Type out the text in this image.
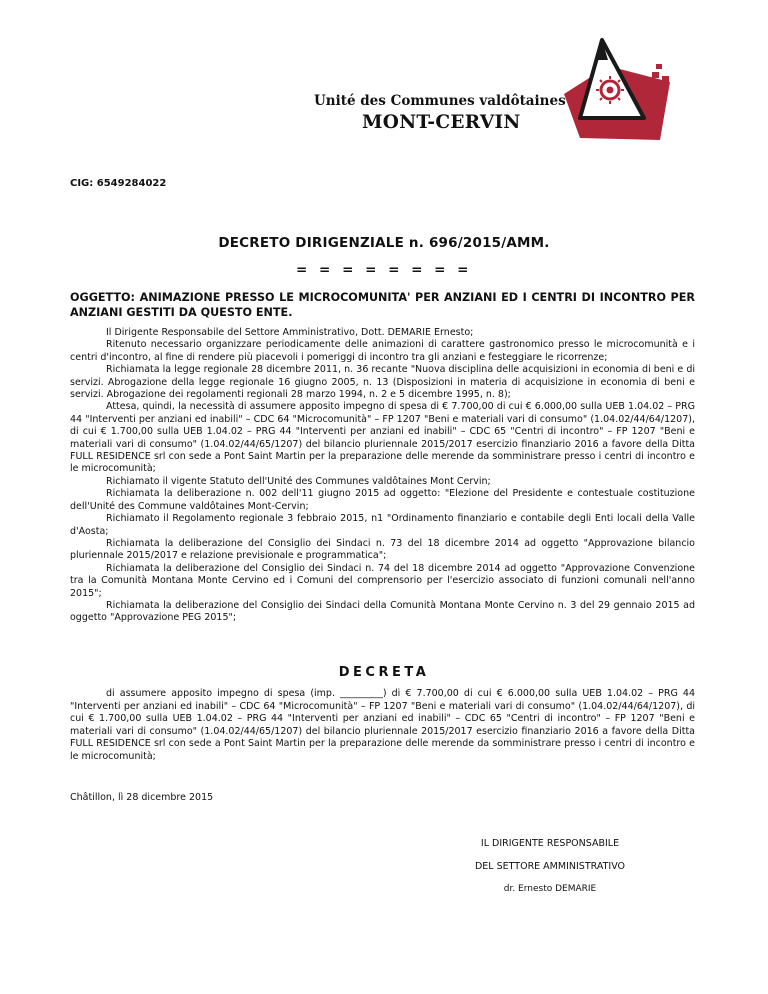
Unité des Communes valdôtaines
MONT-CERVIN
CIG: 6549284022
DECRETO DIRIGENZIALE n. 696/2015/AMM.
= = = = = = = =
OGGETTO: ANIMAZIONE PRESSO LE MICROCOMUNITA' PER ANZIANI ED I CENTRI DI INCONTRO PER ANZIANI GESTITI DA QUESTO ENTE.

Il Dirigente Responsabile del Settore Amministrativo, Dott. DEMARIE Ernesto;

Ritenuto necessario organizzare periodicamente delle animazioni di carattere gastronomico presso le microcomunità e i centri d'incontro, al fine di rendere più piacevoli i pomeriggi di incontro tra gli anziani e festeggiare le ricorrenze;

Richiamata la legge regionale 28 dicembre 2011, n. 36 recante "Nuova disciplina delle acquisizioni in economia di beni e di servizi. Abrogazione della legge regionale 16 giugno 2005, n. 13 (Disposizioni in materia di acquisizione in economia di beni e servizi. Abrogazione dei regolamenti regionali 28 marzo 1994, n. 2 e 5 dicembre 1995, n. 8);

Attesa, quindi, la necessità di assumere apposito impegno di spesa di € 7.700,00 di cui € 6.000,00 sulla UEB 1.04.02 – PRG 44 "Interventi per anziani ed inabili" – CDC 64 "Microcomunità" – FP 1207 "Beni e materiali vari di consumo" (1.04.02/44/64/1207), di cui € 1.700,00 sulla UEB 1.04.02 – PRG 44 "Interventi per anziani ed inabili" – CDC 65 "Centri di incontro" – FP 1207 "Beni e materiali vari di consumo" (1.04.02/44/65/1207) del bilancio pluriennale 2015/2017 esercizio finanziario 2016 a favore della Ditta FULL RESIDENCE srl con sede a Pont Saint Martin per la preparazione delle merende da somministrare presso i centri di incontro e le microcomunità;

Richiamato il vigente Statuto dell'Unité des Communes valdôtaines Mont Cervin;

Richiamata la deliberazione n. 002 dell'11 giugno 2015 ad oggetto: "Elezione del Presidente e contestuale costituzione dell'Unité des Commune valdôtaines Mont-Cervin;

Richiamato il Regolamento regionale 3 febbraio 2015, n1 "Ordinamento finanziario e contabile degli Enti locali della Valle d'Aosta;

Richiamata la deliberazione del Consiglio dei Sindaci n. 73 del 18 dicembre 2014 ad oggetto "Approvazione bilancio pluriennale 2015/2017 e relazione previsionale e programmatica";

Richiamata la deliberazione del Consiglio dei Sindaci n. 74 del 18 dicembre 2014 ad oggetto "Approvazione Convenzione tra la Comunità Montana Monte Cervino ed i Comuni del comprensorio per l'esercizio associato di funzioni comunali nell'anno 2015";

Richiamata la deliberazione del Consiglio dei Sindaci della Comunità Montana Monte Cervino n. 3 del 29 gennaio 2015 ad oggetto "Approvazione PEG 2015";

DECRETA

di assumere apposito impegno di spesa (imp. _________) di € 7.700,00 di cui € 6.000,00 sulla UEB 1.04.02 – PRG 44 "Interventi per anziani ed inabili" – CDC 64 "Microcomunità" – FP 1207 "Beni e materiali vari di consumo" (1.04.02/44/64/1207), di cui € 1.700,00 sulla UEB 1.04.02 – PRG 44 "Interventi per anziani ed inabili" – CDC 65 "Centri di incontro" – FP 1207 "Beni e materiali vari di consumo" (1.04.02/44/65/1207) del bilancio pluriennale 2015/2017 esercizio finanziario 2016 a favore della Ditta FULL RESIDENCE srl con sede a Pont Saint Martin per la preparazione delle merende da somministrare presso i centri di incontro e le microcomunità;

Châtillon, lì 28 dicembre 2015
IL DIRIGENTE RESPONSABILE
DEL SETTORE AMMINISTRATIVO
dr. Ernesto DEMARIE
